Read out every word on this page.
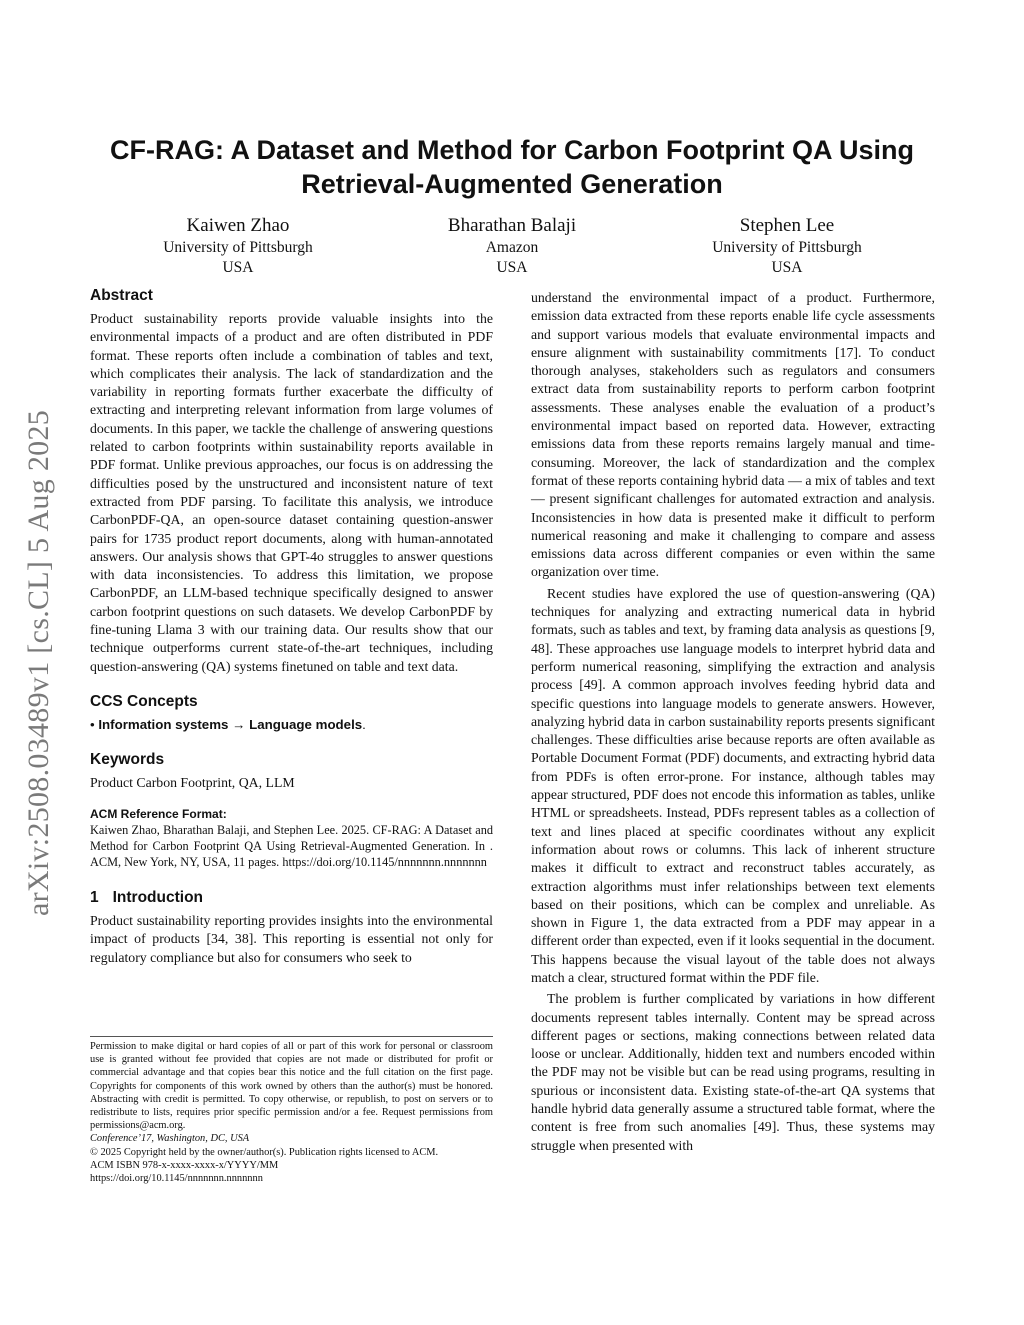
arXiv:2508.03489v1 [cs.CL] 5 Aug 2025
CF-RAG: A Dataset and Method for Carbon Footprint QA Using Retrieval-Augmented Generation
Kaiwen Zhao
University of Pittsburgh
USA
Bharathan Balaji
Amazon
USA
Stephen Lee
University of Pittsburgh
USA
Abstract

Product sustainability reports provide valuable insights into the environmental impacts of a product and are often distributed in PDF format. These reports often include a combination of tables and text, which complicates their analysis. The lack of standardization and the variability in reporting formats further exacerbate the difficulty of extracting and interpreting relevant information from large volumes of documents. In this paper, we tackle the challenge of answering questions related to carbon footprints within sustainability reports available in PDF format. Unlike previous approaches, our focus is on addressing the difficulties posed by the unstructured and inconsistent nature of text extracted from PDF parsing. To facilitate this analysis, we introduce CarbonPDF-QA, an open-source dataset containing question-answer pairs for 1735 product report documents, along with human-annotated answers. Our analysis shows that GPT-4o struggles to answer questions with data inconsistencies. To address this limitation, we propose CarbonPDF, an LLM-based technique specifically designed to answer carbon footprint questions on such datasets. We develop CarbonPDF by fine-tuning Llama 3 with our training data. Our results show that our technique outperforms current state-of-the-art techniques, including question-answering (QA) systems finetuned on table and text data.

CCS Concepts

• Information systems → Language models.

Keywords

Product Carbon Footprint, QA, LLM

ACM Reference Format:

Kaiwen Zhao, Bharathan Balaji, and Stephen Lee. 2025. CF-RAG: A Dataset and Method for Carbon Footprint QA Using Retrieval-Augmented Generation. In . ACM, New York, NY, USA, 11 pages. https://doi.org/10.1145/nnnnnnn.nnnnnnn

1 Introduction

Product sustainability reporting provides insights into the environmental impact of products [34, 38]. This reporting is essential not only for regulatory compliance but also for consumers who seek to

Permission to make digital or hard copies of all or part of this work for personal or classroom use is granted without fee provided that copies are not made or distributed for profit or commercial advantage and that copies bear this notice and the full citation on the first page. Copyrights for components of this work owned by others than the author(s) must be honored. Abstracting with credit is permitted. To copy otherwise, or republish, to post on servers or to redistribute to lists, requires prior specific permission and/or a fee. Request permissions from permissions@acm.org.

Conference’17, Washington, DC, USA

© 2025 Copyright held by the owner/author(s). Publication rights licensed to ACM.

ACM ISBN 978-x-xxxx-xxxx-x/YYYY/MM

https://doi.org/10.1145/nnnnnnn.nnnnnnn

understand the environmental impact of a product. Furthermore, emission data extracted from these reports enable life cycle assessments and support various models that evaluate environmental impacts and ensure alignment with sustainability commitments [17]. To conduct thorough analyses, stakeholders such as regulators and consumers extract data from sustainability reports to perform carbon footprint assessments. These analyses enable the evaluation of a product’s environmental impact based on reported data. However, extracting emissions data from these reports remains largely manual and time-consuming. Moreover, the lack of standardization and the complex format of these reports containing hybrid data — a mix of tables and text — present significant challenges for automated extraction and analysis. Inconsistencies in how data is presented make it difficult to perform numerical reasoning and make it challenging to compare and assess emissions data across different companies or even within the same organization over time.

Recent studies have explored the use of question-answering (QA) techniques for analyzing and extracting numerical data in hybrid formats, such as tables and text, by framing data analysis as questions [9, 48]. These approaches use language models to interpret hybrid data and perform numerical reasoning, simplifying the extraction and analysis process [49]. A common approach involves feeding hybrid data and specific questions into language models to generate answers. However, analyzing hybrid data in carbon sustainability reports presents significant challenges. These difficulties arise because reports are often available as Portable Document Format (PDF) documents, and extracting hybrid data from PDFs is often error-prone. For instance, although tables may appear structured, PDF does not encode this information as tables, unlike HTML or spreadsheets. Instead, PDFs represent tables as a collection of text and lines placed at specific coordinates without any explicit information about rows or columns. This lack of inherent structure makes it difficult to extract and reconstruct tables accurately, as extraction algorithms must infer relationships between text elements based on their positions, which can be complex and unreliable. As shown in Figure 1, the data extracted from a PDF may appear in a different order than expected, even if it looks sequential in the document. This happens because the visual layout of the table does not always match a clear, structured format within the PDF file.

The problem is further complicated by variations in how different documents represent tables internally. Content may be spread across different pages or sections, making connections between related data loose or unclear. Additionally, hidden text and numbers encoded within the PDF may not be visible but can be read using programs, resulting in spurious or inconsistent data. Existing state-of-the-art QA systems that handle hybrid data generally assume a structured table format, where the content is free from such anomalies [49]. Thus, these systems may struggle when presented with
